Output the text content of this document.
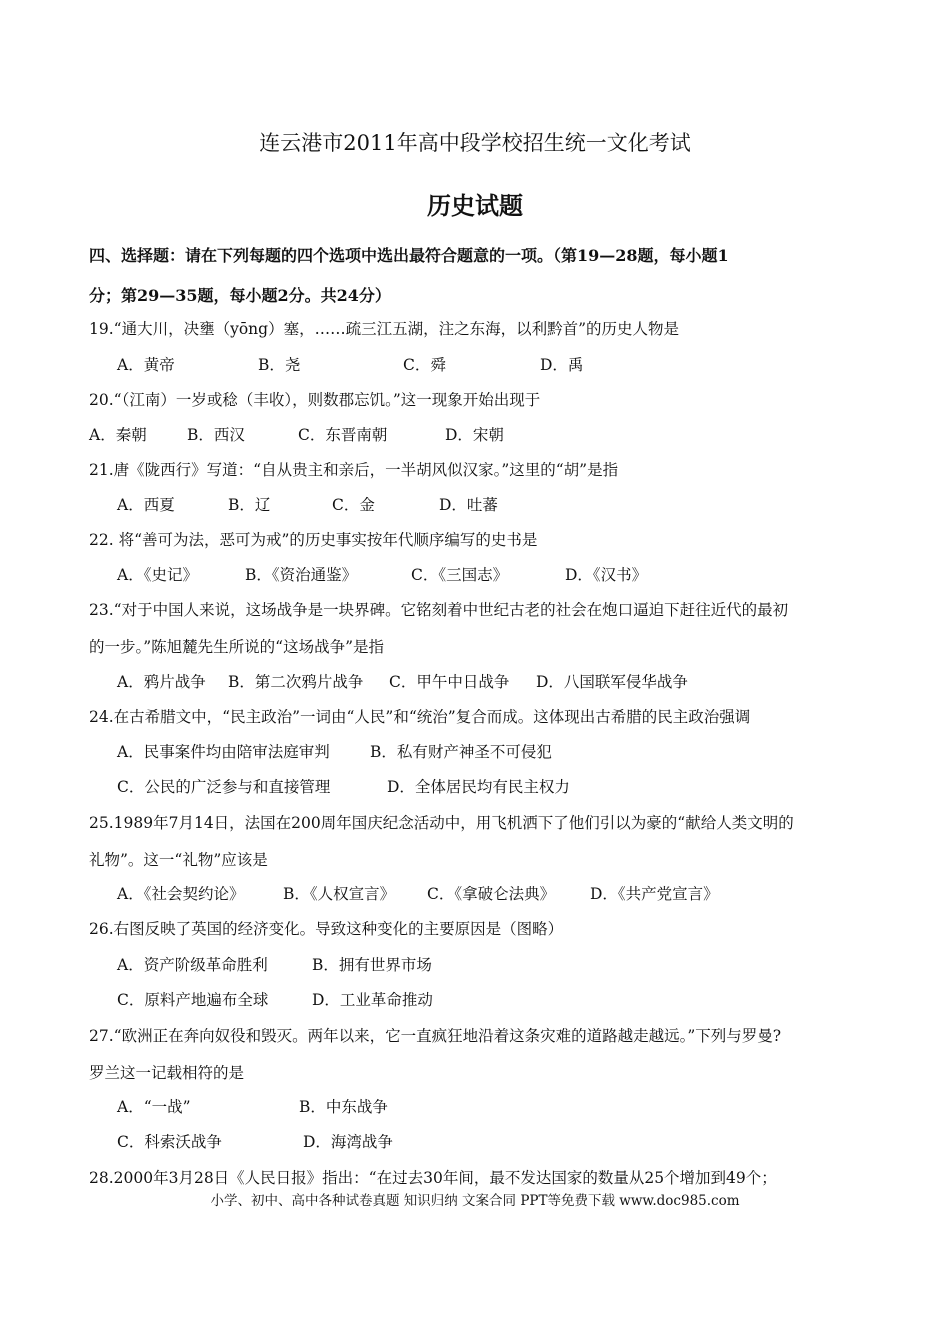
连云港市2011年高中段学校招生统一文化考试
历史试题
四、选择题：请在下列每题的四个选项中选出最符合题意的一项。（第19—28题，每小题1
分；第29—35题，每小题2分。共24分）
19.“通大川，决壅（yōng）塞，……疏三江五湖，注之东海，以利黔首”的历史人物是
A．黄帝	B．尧	C．舜	D．禹
20.“（江南）一岁或稔（丰收），则数郡忘饥。”这一现象开始出现于
A．秦朝	B．西汉	C．东晋南朝	D．宋朝
21.唐《陇西行》写道：“自从贵主和亲后，一半胡风似汉家。”这里的“胡”是指
A．西夏	B．辽	C．金	D．吐蕃
22. 将“善可为法，恶可为戒”的历史事实按年代顺序编写的史书是
A．《史记》	B．《资治通鉴》	C．《三国志》	D．《汉书》
23.“对于中国人来说，这场战争是一块界碑。它铭刻着中世纪古老的社会在炮口逼迫下赶往近代的最初
的一步。”陈旭麓先生所说的“这场战争”是指
A．鸦片战争 B．第二次鸦片战争 C．甲午中日战争 D．八国联军侵华战争
24.在古希腊文中，“民主政治”一词由“人民”和“统治”复合而成。这体现出古希腊的民主政治强调
A．民事案件均由陪审法庭审判	B．私有财产神圣不可侵犯
C．公民的广泛参与和直接管理	D．全体居民均有民主权力
25.1989年7月14日，法国在200周年国庆纪念活动中，用飞机洒下了他们引以为豪的“献给人类文明的
礼物”。这一“礼物”应该是
A．《社会契约论》 B．《人权宣言》 C．《拿破仑法典》 D．《共产党宣言》
26.右图反映了英国的经济变化。导致这种变化的主要原因是（图略）
A．资产阶级革命胜利	B．拥有世界市场
C．原料产地遍布全球	D．工业革命推动
27.“欧洲正在奔向奴役和毁灭。两年以来，它一直疯狂地沿着这条灾难的道路越走越远。”下列与罗曼?
罗兰这一记载相符的是
A．“一战”	B．中东战争
C．科索沃战争	D．海湾战争
28.2000年3月28日《人民日报》指出：“在过去30年间，最不发达国家的数量从25个增加到49个；
小学、初中、高中各种试卷真题 知识归纳 文案合同 PPT等免费下载 www.doc985.com
